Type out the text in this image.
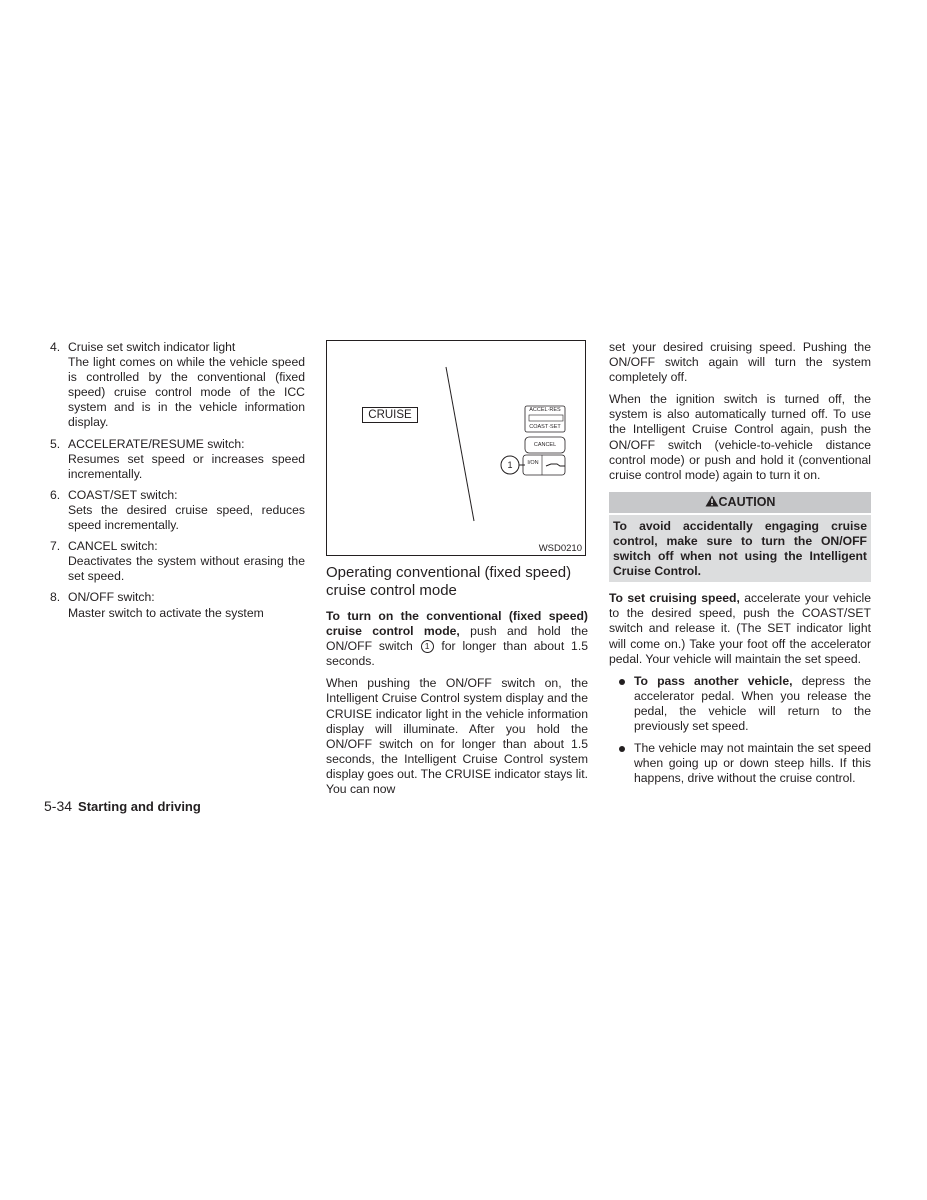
4. Cruise set switch indicator light

The light comes on while the vehicle speed is controlled by the conventional (fixed speed) cruise control mode of the ICC system and is in the vehicle information display.

5. ACCELERATE/RESUME switch:

Resumes set speed or increases speed incrementally.

6. COAST/SET switch:

Sets the desired cruise speed, reduces speed incrementally.

7. CANCEL switch:

Deactivates the system without erasing the set speed.

8. ON/OFF switch:

Master switch to activate the system

CRUISE	ACCEL·RES
COAST·SET
CANCEL
I/ON
1
WSD0210
Operating conventional (fixed speed) cruise control mode

To turn on the conventional (fixed speed) cruise control mode, push and hold the ON/OFF switch 1 for longer than about 1.5 seconds.

When pushing the ON/OFF switch on, the Intelligent Cruise Control system display and the CRUISE indicator light in the vehicle information display will illuminate. After you hold the ON/OFF switch on for longer than about 1.5 seconds, the Intelligent Cruise Control system display goes out. The CRUISE indicator stays lit. You can now

set your desired cruising speed. Pushing the ON/OFF switch again will turn the system completely off.

When the ignition switch is turned off, the system is also automatically turned off. To use the Intelligent Cruise Control again, push the ON/OFF switch (vehicle-to-vehicle distance control mode) or push and hold it (conventional cruise control mode) again to turn it on.

CAUTION
To avoid accidentally engaging cruise control, make sure to turn the ON/OFF switch off when not using the Intelligent Cruise Control.

To set cruising speed, accelerate your vehicle to the desired speed, push the COAST/SET switch and release it. (The SET indicator light will come on.) Take your foot off the accelerator pedal. Your vehicle will maintain the set speed.

To pass another vehicle, depress the accelerator pedal. When you release the pedal, the vehicle will return to the previously set speed.

The vehicle may not maintain the set speed when going up or down steep hills. If this happens, drive without the cruise control.

5-34 Starting and driving
